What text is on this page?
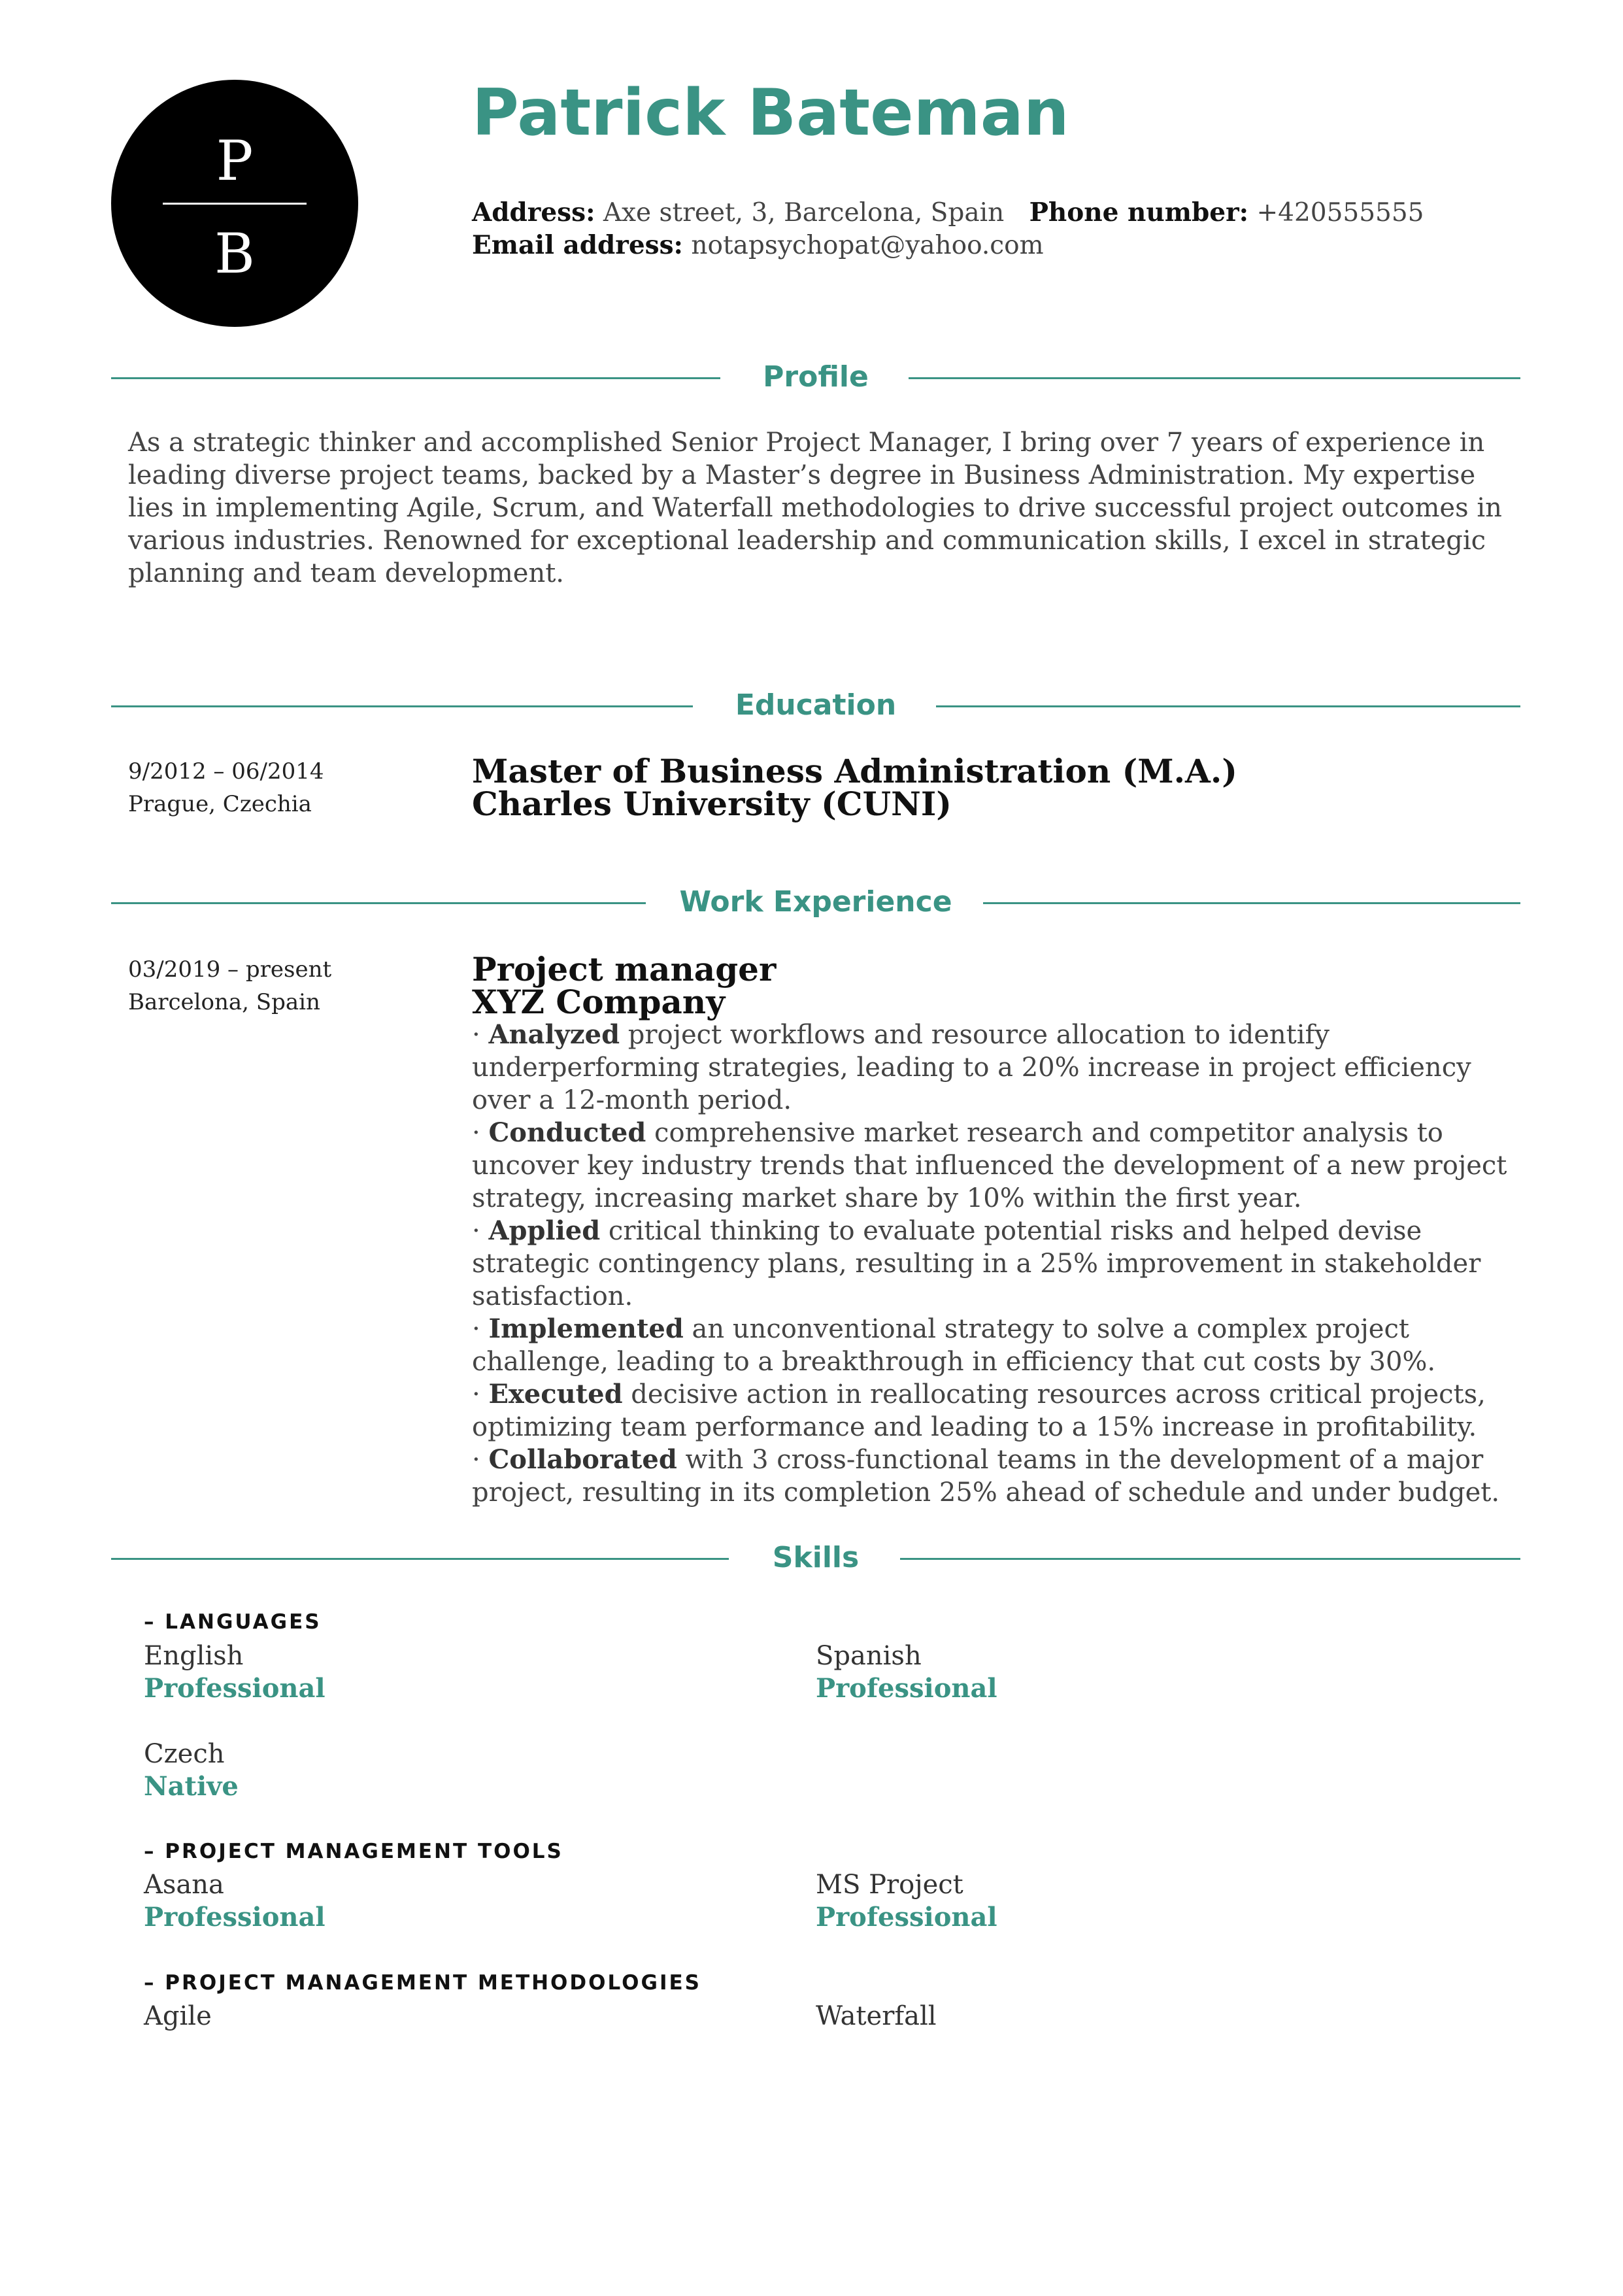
P
B
Patrick Bateman
Address: Axe street, 3, Barcelona, Spain Phone number: +420555555
Email address: notapsychopat@yahoo.com
Profile

As a strategic thinker and accomplished Senior Project Manager, I bring over 7 years of experience in leading diverse project teams, backed by a Master’s degree in Business Administration. My expertise lies in implementing Agile, Scrum, and Waterfall methodologies to drive successful project outcomes in various industries. Renowned for exceptional leadership and communication skills, I excel in strategic planning and team development.

Education
9/2012 – 06/2014
Prague, Czechia
Master of Business Administration (M.A.)
Charles University (CUNI)
Work Experience
03/2019 – present
Barcelona, Spain
Project manager
XYZ Company
· Analyzed project workflows and resource allocation to identify underperforming strategies, leading to a 20% increase in project efficiency over a 12-month period.
· Conducted comprehensive market research and competitor analysis to uncover key industry trends that influenced the development of a new project strategy, increasing market share by 10% within the first year.
· Applied critical thinking to evaluate potential risks and helped devise strategic contingency plans, resulting in a 25% improvement in stakeholder satisfaction.
· Implemented an unconventional strategy to solve a complex project challenge, leading to a breakthrough in efficiency that cut costs by 30%.
· Executed decisive action in reallocating resources across critical projects, optimizing team performance and leading to a 15% increase in profitability.
· Collaborated with 3 cross-functional teams in the development of a major project, resulting in its completion 25% ahead of schedule and under budget.
Skills
– LANGUAGES
English
Professional
Spanish
Professional
Czech
Native
– PROJECT MANAGEMENT TOOLS
Asana
Professional
MS Project
Professional
– PROJECT MANAGEMENT METHODOLOGIES
Agile	Waterfall
